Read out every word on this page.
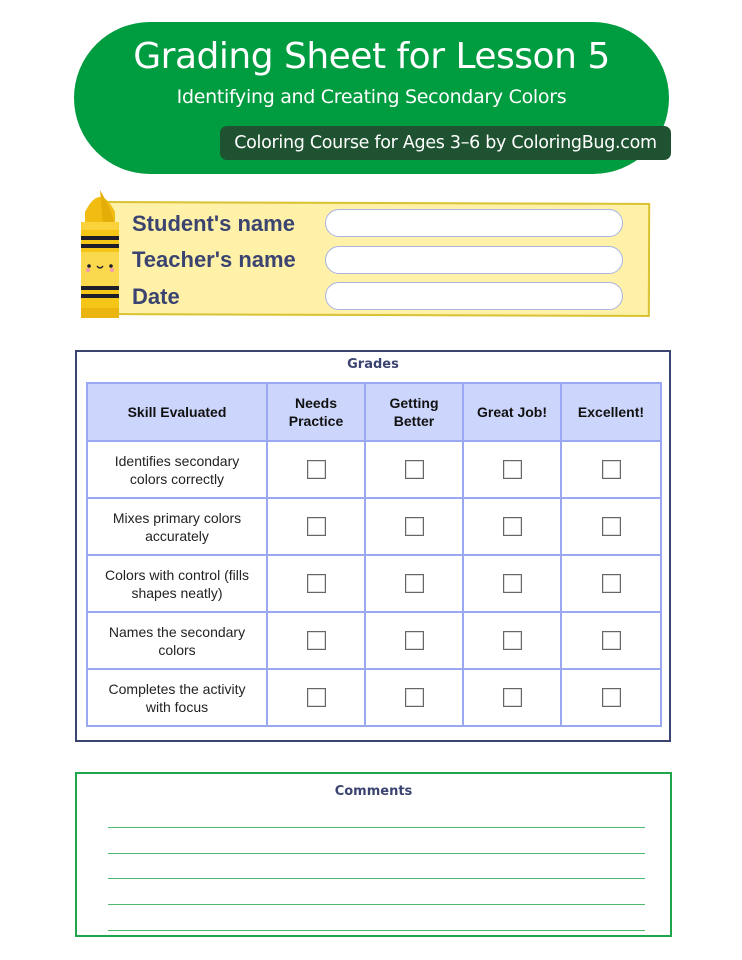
Grading Sheet for Lesson 5
Identifying and Creating Secondary Colors
Coloring Course for Ages 3–6 by ColoringBug.com
Student's name
Teacher's name
Date
Grades
Skill Evaluated	Needs Practice	Getting Better	Great Job!	Excellent!
Identifies secondary colors correctly				
Mixes primary colors accurately				
Colors with control (fills shapes neatly)				
Names the secondary colors				
Completes the activity with focus				
Comments
